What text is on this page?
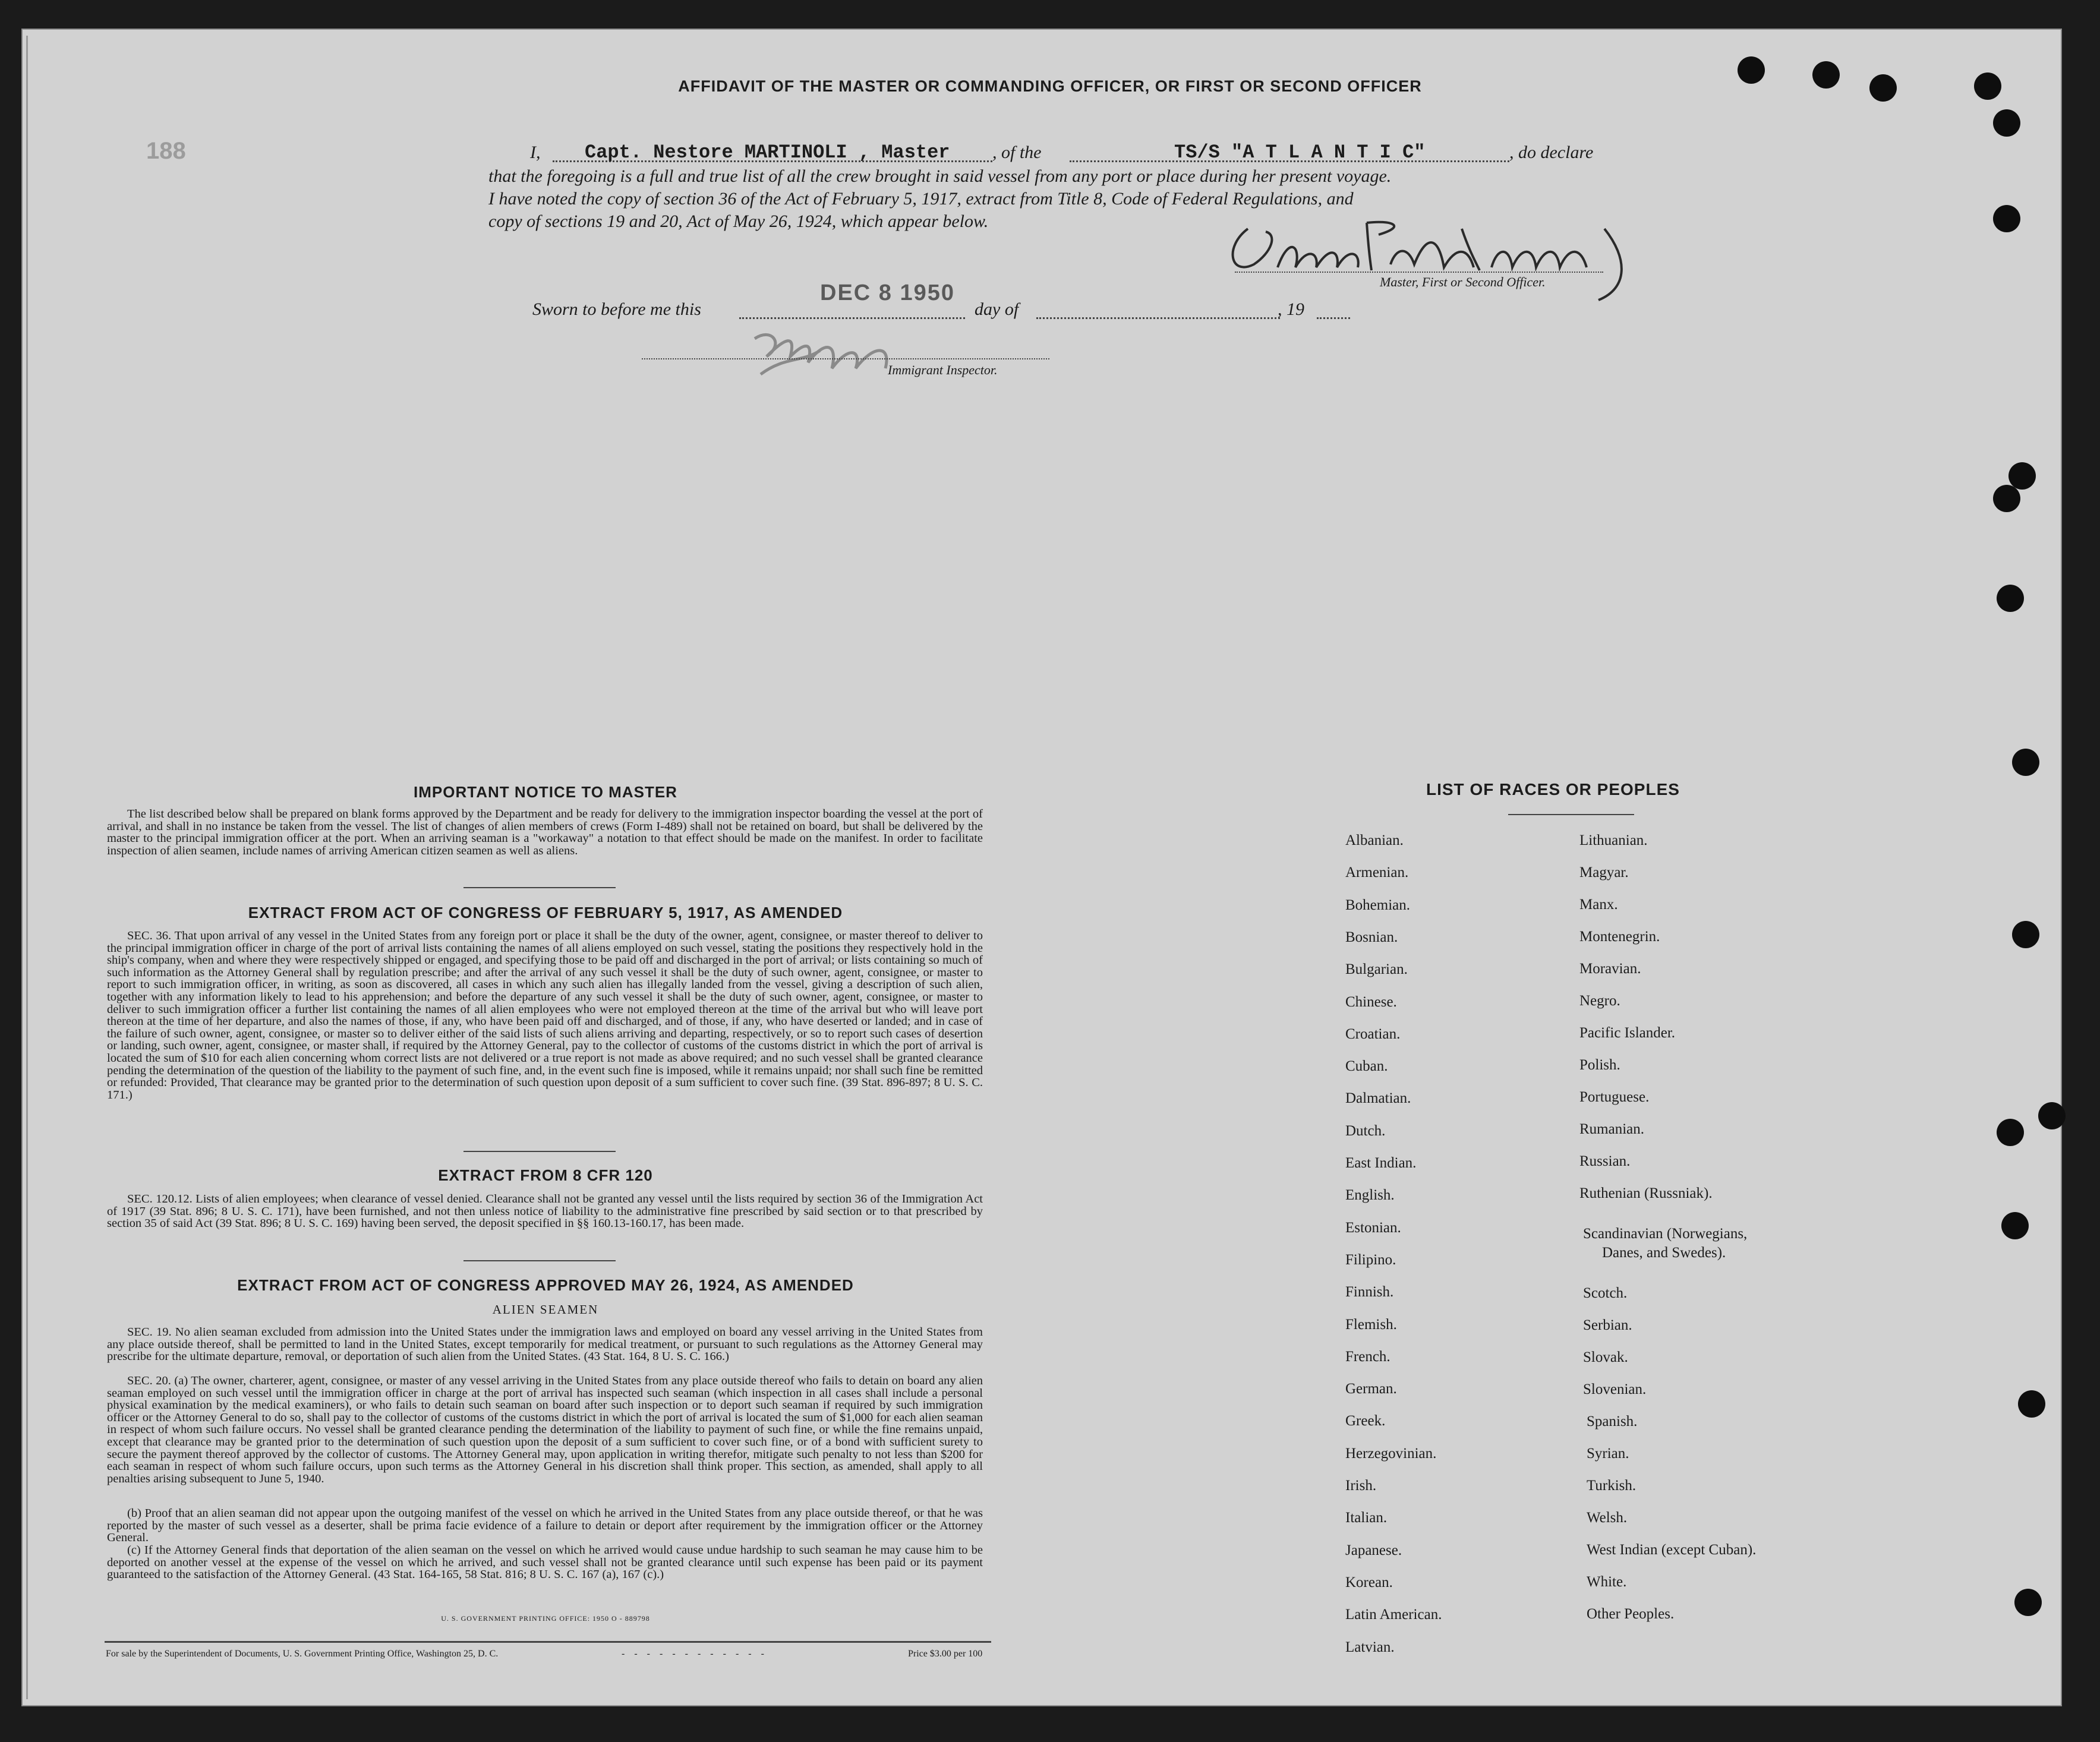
188
AFFIDAVIT OF THE MASTER OR COMMANDING OFFICER, OR FIRST OR SECOND OFFICER
I, Capt. Nestore MARTINOLI , Master , of the	TS/S "A T L A N T I C"	, do declare
that the foregoing is a full and true list of all the crew brought in said vessel from any port or place during her present voyage.
I have noted the copy of section 36 of the Act of February 5, 1917, extract from Title 8, Code of Federal Regulations, and
copy of sections 19 and 20, Act of May 26, 1924, which appear below.
Master, First or Second Officer.
Sworn to before me this
DEC 8 1950
day of	, 19
Immigrant Inspector.
IMPORTANT NOTICE TO MASTER
The list described below shall be prepared on blank forms approved by the Department and be ready for delivery to the immigration inspector boarding the vessel at the port of arrival, and shall in no instance be taken from the vessel. The list of changes of alien members of crews (Form I-489) shall not be retained on board, but shall be delivered by the master to the principal immigration officer at the port. When an arriving seaman is a "workaway" a notation to that effect should be made on the manifest. In order to facilitate inspection of alien seamen, include names of arriving American citizen seamen as well as aliens.
EXTRACT FROM ACT OF CONGRESS OF FEBRUARY 5, 1917, AS AMENDED
SEC. 36. That upon arrival of any vessel in the United States from any foreign port or place it shall be the duty of the owner, agent, consignee, or master thereof to deliver to the principal immigration officer in charge of the port of arrival lists containing the names of all aliens employed on such vessel, stating the positions they respectively hold in the ship's company, when and where they were respectively shipped or engaged, and specifying those to be paid off and discharged in the port of arrival; or lists containing so much of such information as the Attorney General shall by regulation prescribe; and after the arrival of any such vessel it shall be the duty of such owner, agent, consignee, or master to report to such immigration officer, in writing, as soon as discovered, all cases in which any such alien has illegally landed from the vessel, giving a description of such alien, together with any information likely to lead to his apprehension; and before the departure of any such vessel it shall be the duty of such owner, agent, consignee, or master to deliver to such immigration officer a further list containing the names of all alien employees who were not employed thereon at the time of the arrival but who will leave port thereon at the time of her departure, and also the names of those, if any, who have been paid off and discharged, and of those, if any, who have deserted or landed; and in case of the failure of such owner, agent, consignee, or master so to deliver either of the said lists of such aliens arriving and departing, respectively, or so to report such cases of desertion or landing, such owner, agent, consignee, or master shall, if required by the Attorney General, pay to the collector of customs of the customs district in which the port of arrival is located the sum of $10 for each alien concerning whom correct lists are not delivered or a true report is not made as above required; and no such vessel shall be granted clearance pending the determination of the question of the liability to the payment of such fine, and, in the event such fine is imposed, while it remains unpaid; nor shall such fine be remitted or refunded: Provided, That clearance may be granted prior to the determination of such question upon deposit of a sum sufficient to cover such fine. (39 Stat. 896-897; 8 U. S. C. 171.)
EXTRACT FROM 8 CFR 120
SEC. 120.12. Lists of alien employees; when clearance of vessel denied. Clearance shall not be granted any vessel until the lists required by section 36 of the Immigration Act of 1917 (39 Stat. 896; 8 U. S. C. 171), have been furnished, and not then unless notice of liability to the administrative fine prescribed by said section or to that prescribed by section 35 of said Act (39 Stat. 896; 8 U. S. C. 169) having been served, the deposit specified in §§ 160.13-160.17, has been made.
EXTRACT FROM ACT OF CONGRESS APPROVED MAY 26, 1924, AS AMENDED
ALIEN SEAMEN
SEC. 19. No alien seaman excluded from admission into the United States under the immigration laws and employed on board any vessel arriving in the United States from any place outside thereof, shall be permitted to land in the United States, except temporarily for medical treatment, or pursuant to such regulations as the Attorney General may prescribe for the ultimate departure, removal, or deportation of such alien from the United States. (43 Stat. 164, 8 U. S. C. 166.)
SEC. 20. (a) The owner, charterer, agent, consignee, or master of any vessel arriving in the United States from any place outside thereof who fails to detain on board any alien seaman employed on such vessel until the immigration officer in charge at the port of arrival has inspected such seaman (which inspection in all cases shall include a personal physical examination by the medical examiners), or who fails to detain such seaman on board after such inspection or to deport such seaman if required by such immigration officer or the Attorney General to do so, shall pay to the collector of customs of the customs district in which the port of arrival is located the sum of $1,000 for each alien seaman in respect of whom such failure occurs. No vessel shall be granted clearance pending the determination of the liability to payment of such fine, or while the fine remains unpaid, except that clearance may be granted prior to the determination of such question upon the deposit of a sum sufficient to cover such fine, or of a bond with sufficient surety to secure the payment thereof approved by the collector of customs. The Attorney General may, upon application in writing therefor, mitigate such penalty to not less than $200 for each seaman in respect of whom such failure occurs, upon such terms as the Attorney General in his discretion shall think proper. This section, as amended, shall apply to all penalties arising subsequent to June 5, 1940.
(b) Proof that an alien seaman did not appear upon the outgoing manifest of the vessel on which he arrived in the United States from any place outside thereof, or that he was reported by the master of such vessel as a deserter, shall be prima facie evidence of a failure to detain or deport after requirement by the immigration officer or the Attorney General.
(c) If the Attorney General finds that deportation of the alien seaman on the vessel on which he arrived would cause undue hardship to such seaman he may cause him to be deported on another vessel at the expense of the vessel on which he arrived, and such vessel shall not be granted clearance until such expense has been paid or its payment guaranteed to the satisfaction of the Attorney General. (43 Stat. 164-165, 58 Stat. 816; 8 U. S. C. 167 (a), 167 (c).)
U. S. GOVERNMENT PRINTING OFFICE: 1950 O - 889798
For sale by the Superintendent of Documents, U. S. Government Printing Office, Washington 25, D. C.	- - - - - - - - - - - -	Price $3.00 per 100
LIST OF RACES OR PEOPLES
Albanian.
Armenian.
Bohemian.
Bosnian.
Bulgarian.
Chinese.
Croatian.
Cuban.
Dalmatian.
Dutch.
East Indian.
English.
Estonian.
Filipino.
Finnish.
Flemish.
French.
German.
Greek.
Herzegovinian.
Irish.
Italian.
Japanese.
Korean.
Latin American.
Latvian.
Lithuanian.
Magyar.
Manx.
Montenegrin.
Moravian.
Negro.
Pacific Islander.
Polish.
Portuguese.
Rumanian.
Russian.
Ruthenian (Russniak).
Scandinavian (Norwegians,
Danes, and Swedes).
Scotch.
Serbian.
Slovak.
Slovenian.
Spanish.
Syrian.
Turkish.
Welsh.
West Indian (except Cuban).
White.
Other Peoples.
